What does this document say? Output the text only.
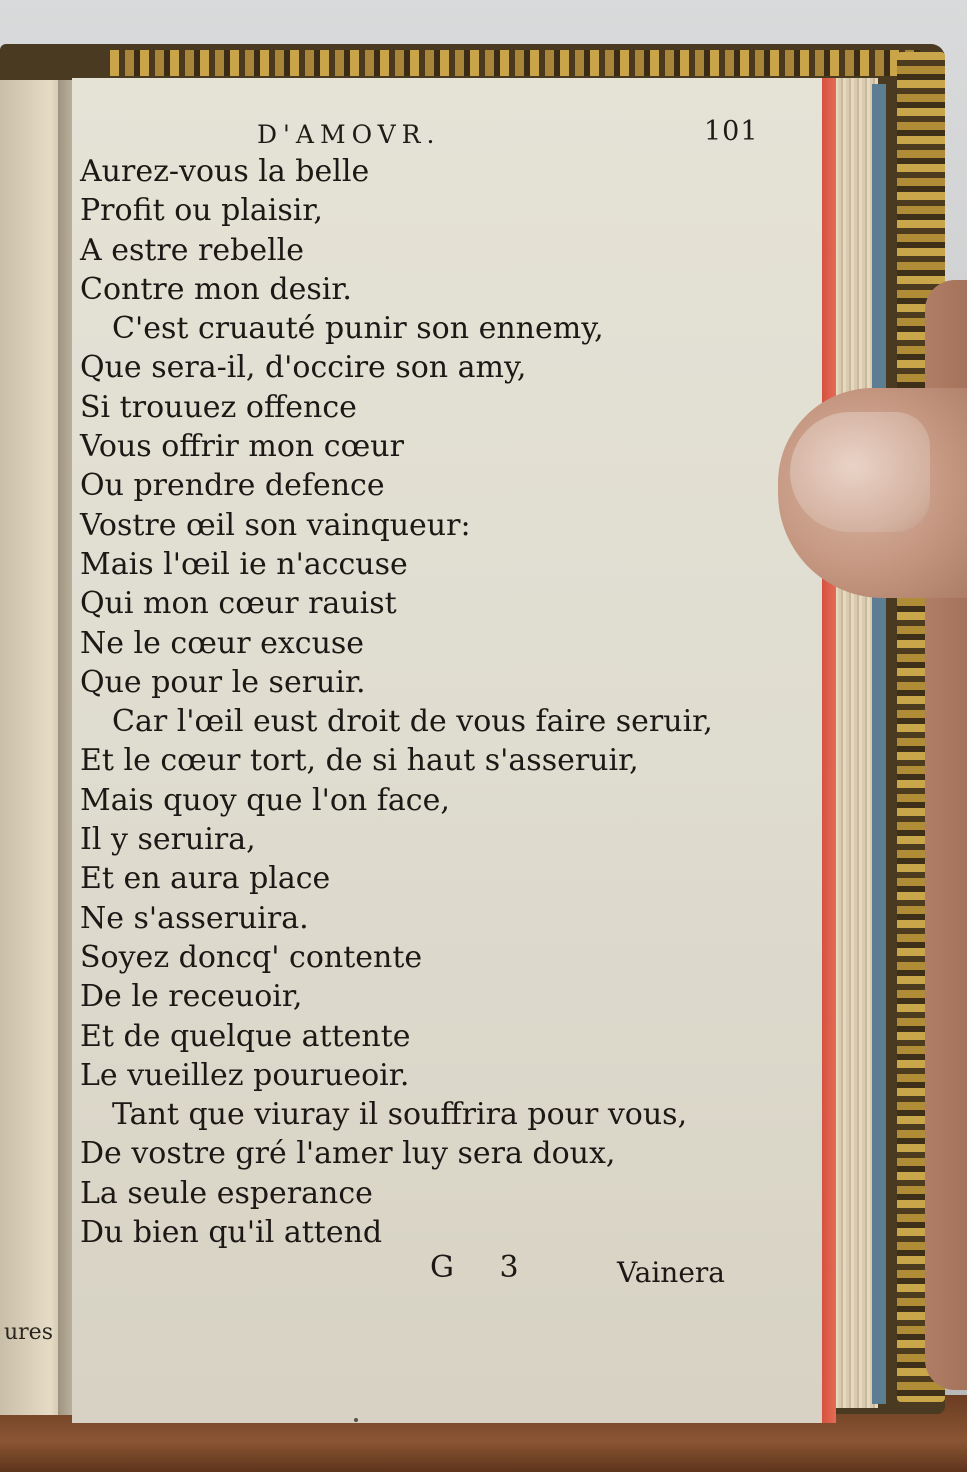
ures
D'AMOVR.	101
Aurez-vous la belle
Profit ou plaisir,
A estre rebelle
Contre mon desir.
C'est cruauté punir son ennemy,
Que sera-il, d'occire son amy,
Si trouuez offence
Vous offrir mon cœur
Ou prendre defence
Vostre œil son vainqueur:
Mais l'œil ie n'accuse
Qui mon cœur rauist
Ne le cœur excuse
Que pour le seruir.
Car l'œil eust droit de vous faire seruir,
Et le cœur tort, de si haut s'asseruir,
Mais quoy que l'on face,
Il y seruira,
Et en aura place
Ne s'asseruira.
Soyez doncq' contente
De le receuoir,
Et de quelque attente
Le vueillez pourueoir.
Tant que viuray il souffrira pour vous,
De vostre gré l'amer luy sera doux,
La seule esperance
Du bien qu'il attend
G 3	Vainera
